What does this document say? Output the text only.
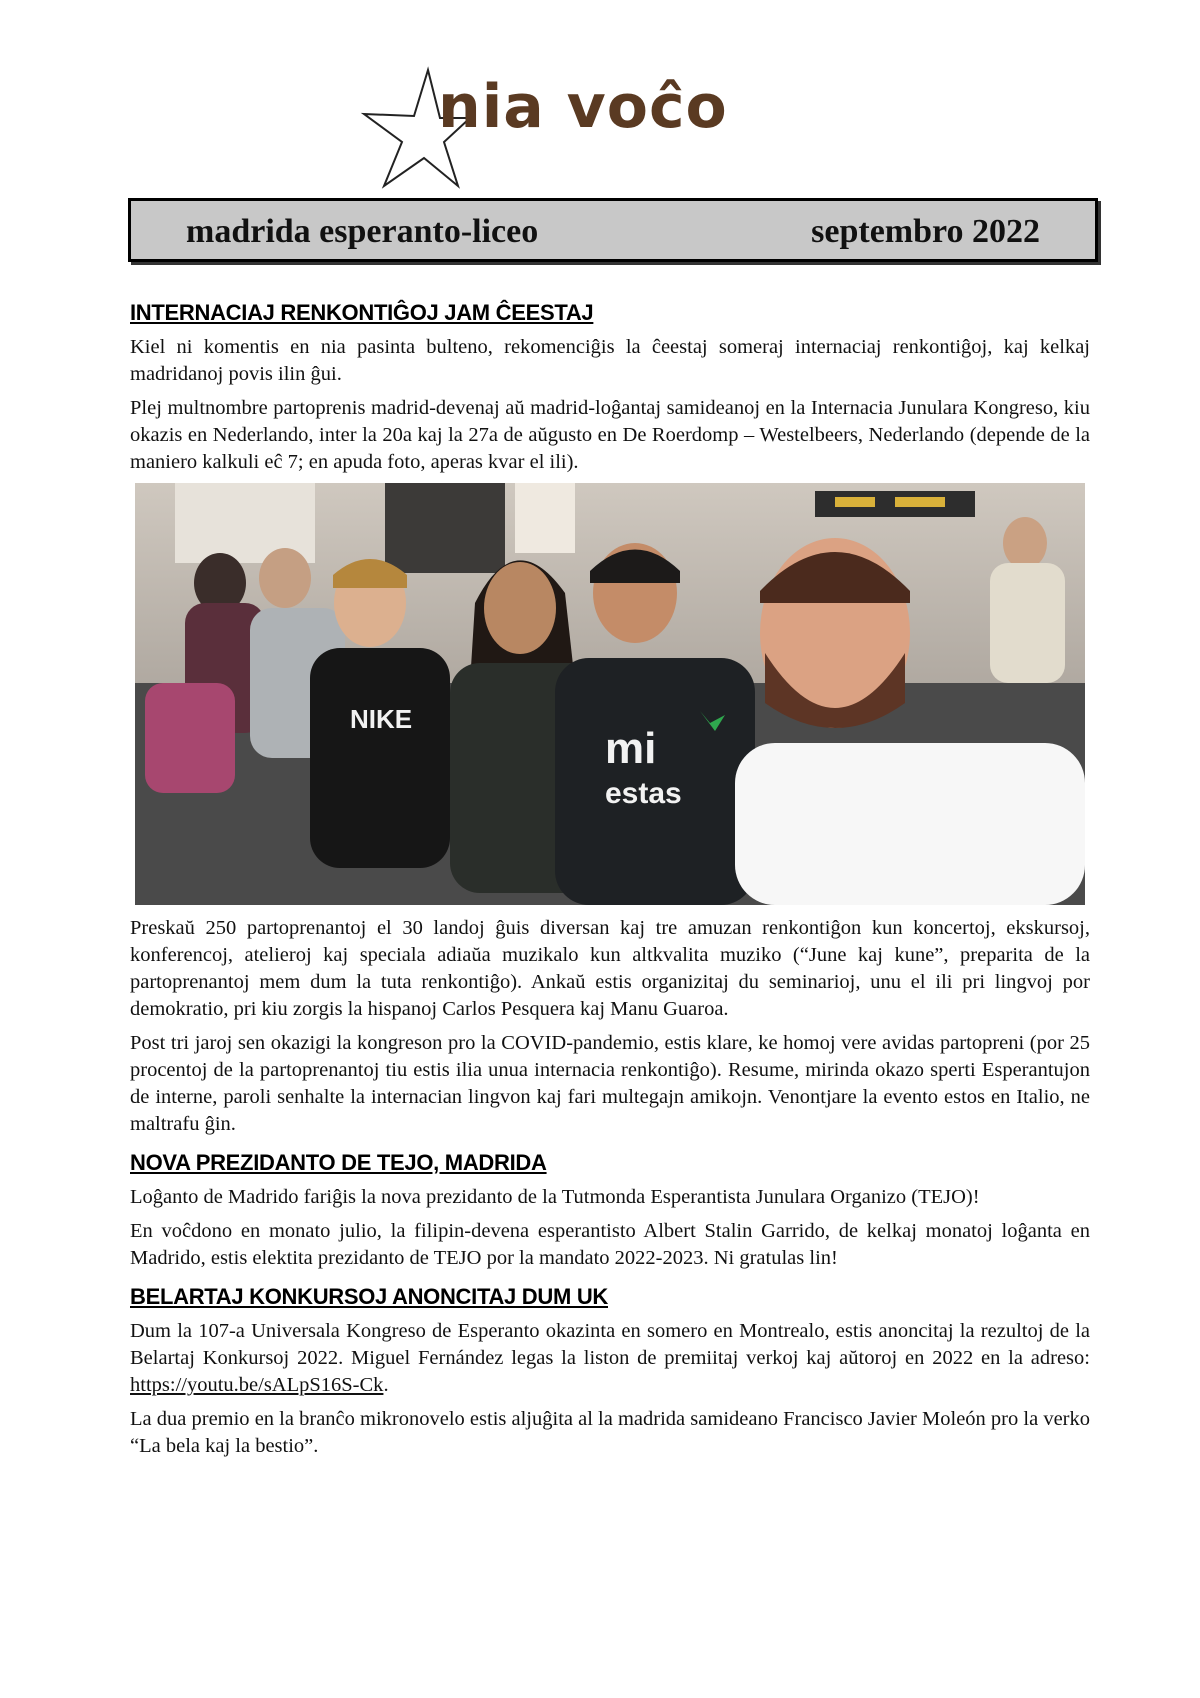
nia voĉo
madrida esperanto-liceo	septembro 2022
INTERNACIAJ RENKONTIĜOJ JAM ĈEESTAJ

Kiel ni komentis en nia pasinta bulteno, rekomenciĝis la ĉeestaj someraj internaciaj renkontiĝoj, kaj kelkaj madridanoj povis ilin ĝui.

Plej multnombre partoprenis madrid-devenaj aŭ madrid-loĝantaj samideanoj en la Internacia Junulara Kongreso, kiu okazis en Nederlando, inter la 20a kaj la 27a de aŭgusto en De Roerdomp – Westelbeers, Nederlando (depende de la maniero kalkuli eĉ 7; en apuda foto, aperas kvar el ili).

NIKE
mi
estas

Preskaŭ 250 partoprenantoj el 30 landoj ĝuis diversan kaj tre amuzan renkontiĝon kun koncertoj, ekskursoj, konferencoj, atelieroj kaj speciala adiaŭa muzikalo kun altkvalita muziko (“June kaj kune”, preparita de la partoprenantoj mem dum la tuta renkontiĝo). Ankaŭ estis organizitaj du seminarioj, unu el ili pri lingvoj por demokratio, pri kiu zorgis la hispanoj Carlos Pesquera kaj Manu Guaroa.

Post tri jaroj sen okazigi la kongreson pro la COVID-pandemio, estis klare, ke homoj vere avidas partopreni (por 25 procentoj de la partoprenantoj tiu estis ilia unua internacia renkontiĝo). Resume, mirinda okazo sperti Esperantujon de interne, paroli senhalte la internacian lingvon kaj fari multegajn amikojn. Venontjare la evento estos en Italio, ne maltrafu ĝin.

NOVA PREZIDANTO DE TEJO, MADRIDA

Loĝanto de Madrido fariĝis la nova prezidanto de la Tutmonda Esperantista Junulara Organizo (TEJO)!

En voĉdono en monato julio, la filipin-devena esperantisto Albert Stalin Garrido, de kelkaj monatoj loĝanta en Madrido, estis elektita prezidanto de TEJO por la mandato 2022-2023. Ni gratulas lin!

BELARTAJ KONKURSOJ ANONCITAJ DUM UK

Dum la 107-a Universala Kongreso de Esperanto okazinta en somero en Montrealo, estis anoncitaj la rezultoj de la Belartaj Konkursoj 2022. Miguel Fernández legas la liston de premiitaj verkoj kaj aŭtoroj en 2022 en la adreso: https://youtu.be/sALpS16S-Ck.

La dua premio en la branĉo mikronovelo estis aljuĝita al la madrida samideano Francisco Javier Moleón pro la verko “La bela kaj la bestio”.
